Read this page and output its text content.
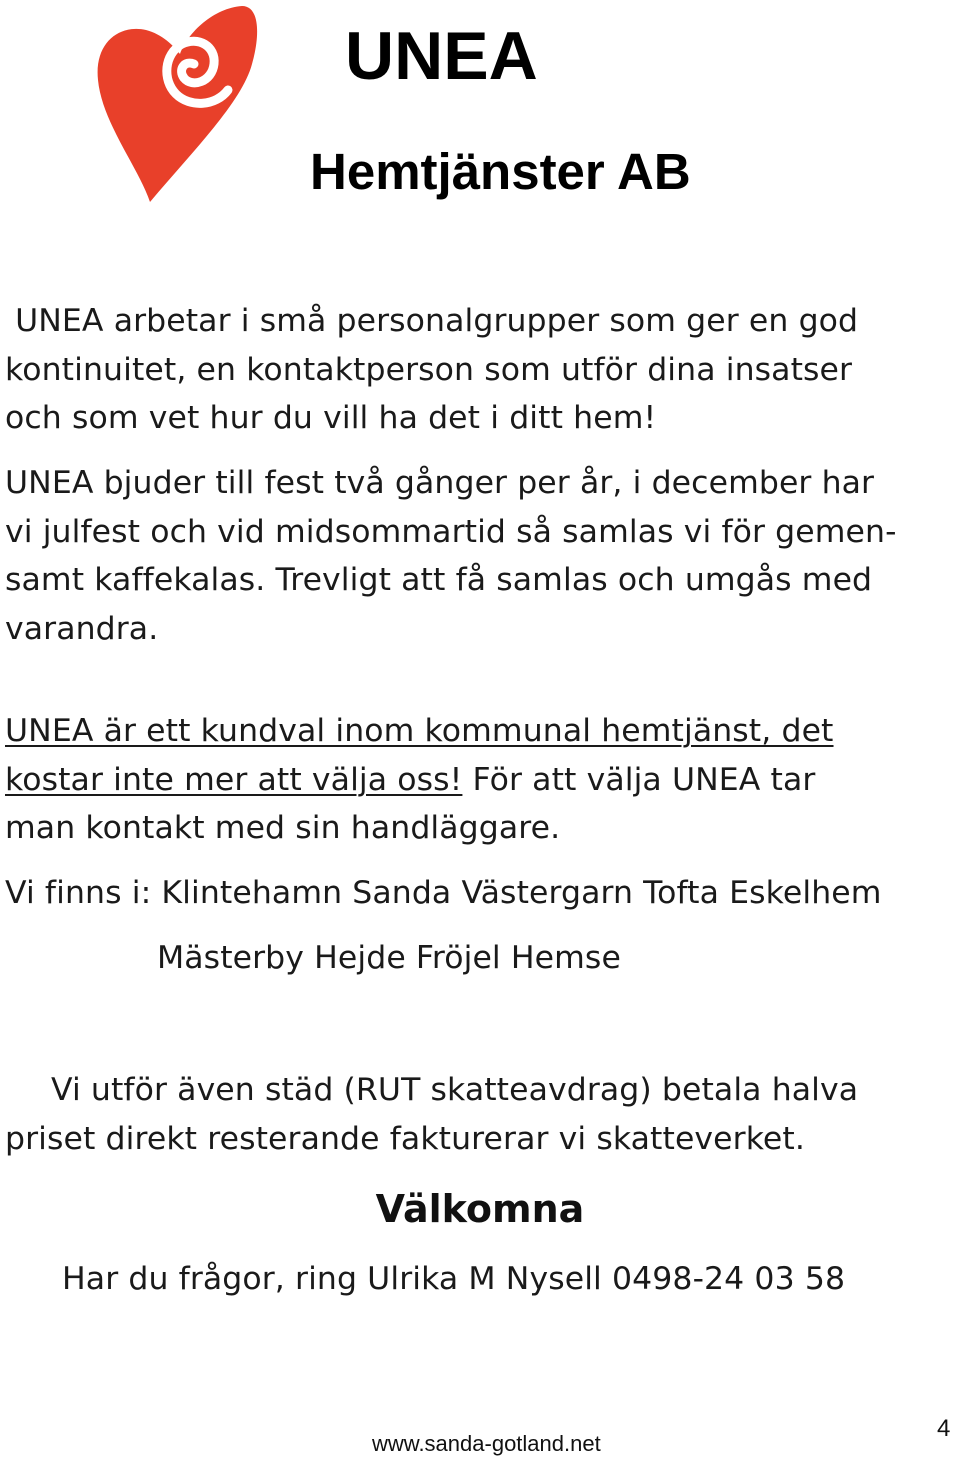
UNEA
Hemtjänster AB

UNEA arbetar i små personalgrupper som ger en god
kontinuitet, en kontaktperson som utför dina insatser
och som vet hur du vill ha det i ditt hem!

UNEA bjuder till fest två gånger per år, i december har
vi julfest och vid midsommartid så samlas vi för gemen-
samt kaffekalas. Trevligt att få samlas och umgås med
varandra.

UNEA är ett kundval inom kommunal hemtjänst, det
kostar inte mer att välja oss! För att välja UNEA tar
man kontakt med sin handläggare.

Vi finns i: Klintehamn Sanda Västergarn Tofta Eskelhem

Mästerby Hejde Fröjel Hemse

Vi utför även städ (RUT skatteavdrag) betala halva
priset direkt resterande fakturerar vi skatteverket.

Välkomna

Har du frågor, ring Ulrika M Nysell 0498-24 03 58

www.sanda-gotland.net
4
